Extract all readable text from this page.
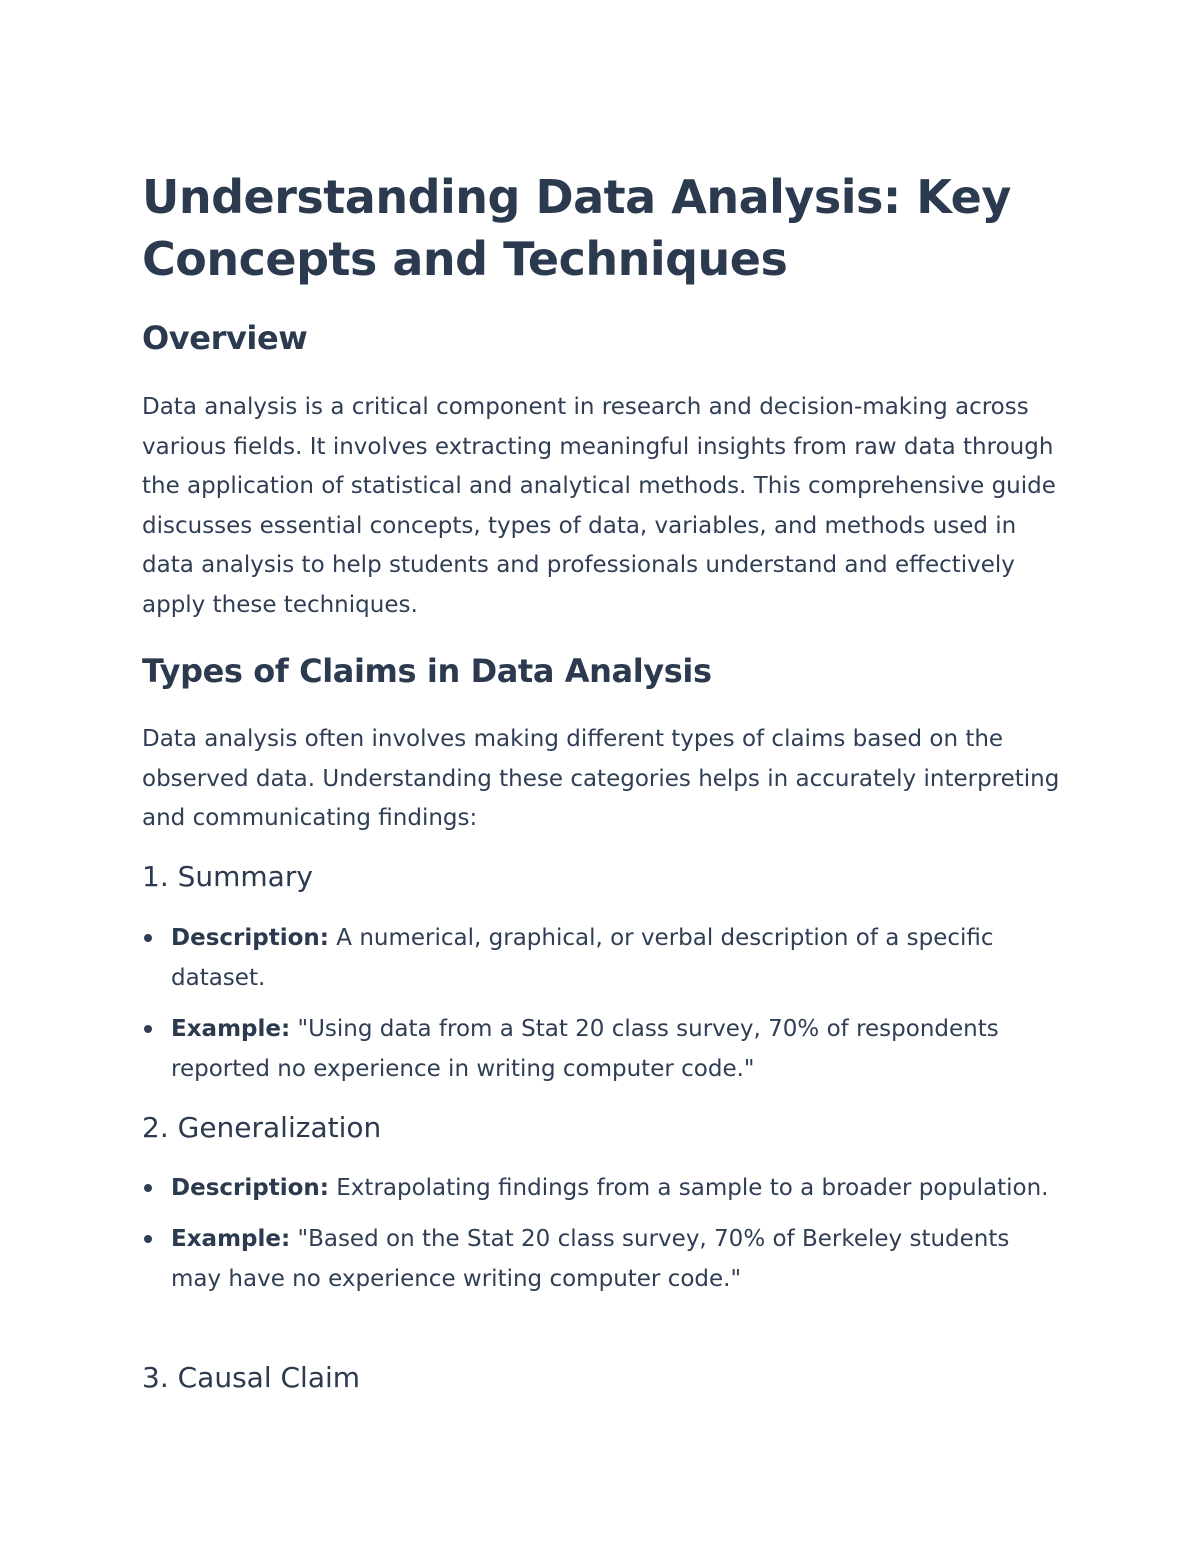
Understanding Data Analysis: Key Concepts and Techniques
Overview

Data analysis is a critical component in research and decision-making across various fields. It involves extracting meaningful insights from raw data through the application of statistical and analytical methods. This comprehensive guide discusses essential concepts, types of data, variables, and methods used in data analysis to help students and professionals understand and effectively apply these techniques.

Types of Claims in Data Analysis

Data analysis often involves making different types of claims based on the observed data. Understanding these categories helps in accurately interpreting and communicating findings:

1. Summary
Description: A numerical, graphical, or verbal description of a specific dataset.
Example: "Using data from a Stat 20 class survey, 70% of respondents reported no experience in writing computer code."
2. Generalization
Description: Extrapolating findings from a sample to a broader population.
Example: "Based on the Stat 20 class survey, 70% of Berkeley students may have no experience writing computer code."
3. Causal Claim
